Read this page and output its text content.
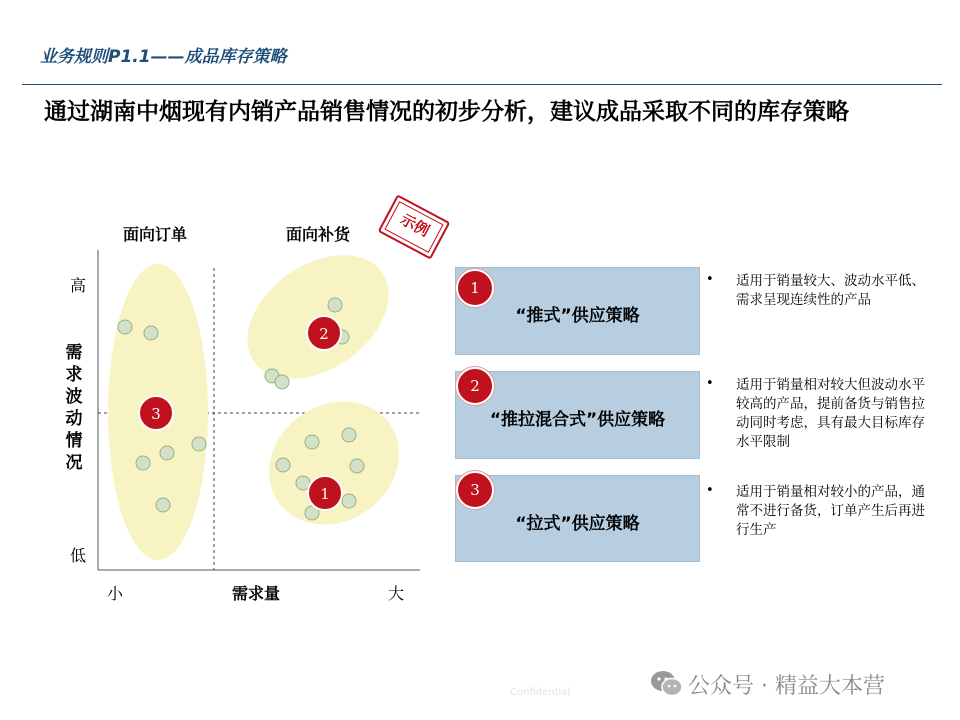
业务规则P1.1——成品库存策略
通过湖南中烟现有内销产品销售情况的初步分析，建议成品采取不同的库存策略
3
2
1
面向订单	面向补货
高
低
需求波动情况
小	需求量	大
示例
“推式”供应策略
1
“推拉混合式”供应策略
2
“拉式”供应策略
3
• 适用于销量较大、波动水平低、需求呈现连续性的产品
• 适用于销量相对较大但波动水平较高的产品，提前备货与销售拉动同时考虑，具有最大目标库存水平限制
• 适用于销量相对较小的产品，通常不进行备货，订单产生后再进行生产
Confidential	公众号 · 精益大本营
